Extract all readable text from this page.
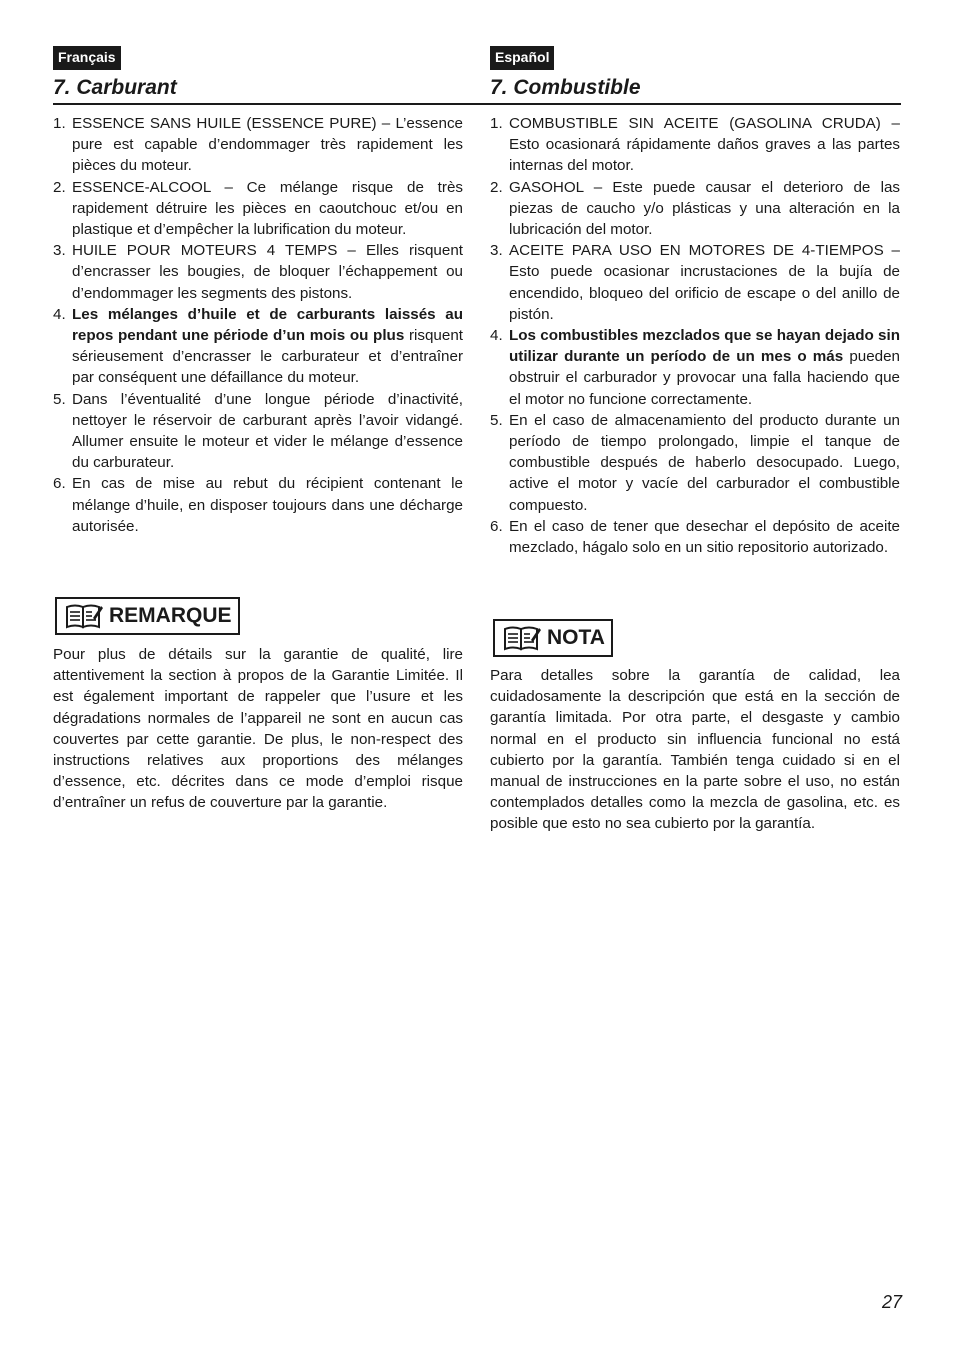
Français
7. Carburant
Español
7. Combustible
1. ESSENCE SANS HUILE (ESSENCE PURE) – L’essence pure est capable d’endommager très rapidement les pièces du moteur.
2. ESSENCE-ALCOOL – Ce mélange risque de très rapidement détruire les pièces en caoutchouc et/ou en plastique et d’empêcher la lubrification du moteur.
3. HUILE POUR MOTEURS 4 TEMPS – Elles risquent d’encrasser les bougies, de bloquer l’échappement ou d’endommager les segments des pistons.
4. Les mélanges d’huile et de carburants laissés au repos pendant une période d’un mois ou plus risquent sérieusement d’encrasser le carburateur et d’entraîner par conséquent une défaillance du moteur.
5. Dans l’éventualité d’une longue période d’inactivité, nettoyer le réservoir de carburant après l’avoir vidangé. Allumer ensuite le moteur et vider le mélange d’essence du carburateur.
6. En cas de mise au rebut du récipient contenant le mélange d’huile, en disposer toujours dans une décharge autorisée.
1. COMBUSTIBLE SIN ACEITE (GASOLINA CRUDA) – Esto ocasionará rápidamente daños graves a las partes internas del motor.
2. GASOHOL – Este puede causar el deterioro de las piezas de caucho y/o plásticas y una alteración en la lubricación del motor.
3. ACEITE PARA USO EN MOTORES DE 4-TIEMPOS – Esto puede ocasionar incrustaciones de la bujía de encendido, bloqueo del orificio de escape o del anillo de pistón.
4. Los combustibles mezclados que se hayan dejado sin utilizar durante un período de un mes o más pueden obstruir el carburador y provocar una falla haciendo que el motor no funcione correctamente.
5. En el caso de almacenamiento del producto durante un período de tiempo prolongado, limpie el tanque de combustible después de haberlo desocupado. Luego, active el motor y vacíe del carburador el combustible compuesto.
6. En el caso de tener que desechar el depósito de aceite mezclado, hágalo solo en un sitio repositorio autorizado.
REMARQUE
Pour plus de détails sur la garantie de qualité, lire attentivement la section à propos de la Garantie Limitée. Il est également important de rappeler que l’usure et les dégradations normales de l’appareil ne sont en aucun cas couvertes par cette garantie. De plus, le non-respect des instructions relatives aux proportions des mélanges d’essence, etc. décrites dans ce mode d’emploi risque d’entraîner un refus de couverture par la garantie.
NOTA
Para detalles sobre la garantía de calidad, lea cuidadosamente la descripción que está en la sección de garantía limitada. Por otra parte, el desgaste y cambio normal en el producto sin influencia funcional no está cubierto por la garantía. También tenga cuidado si en el manual de instrucciones en la parte sobre el uso, no están contemplados detalles como la mezcla de gasolina, etc. es posible que esto no sea cubierto por la garantía.
27
